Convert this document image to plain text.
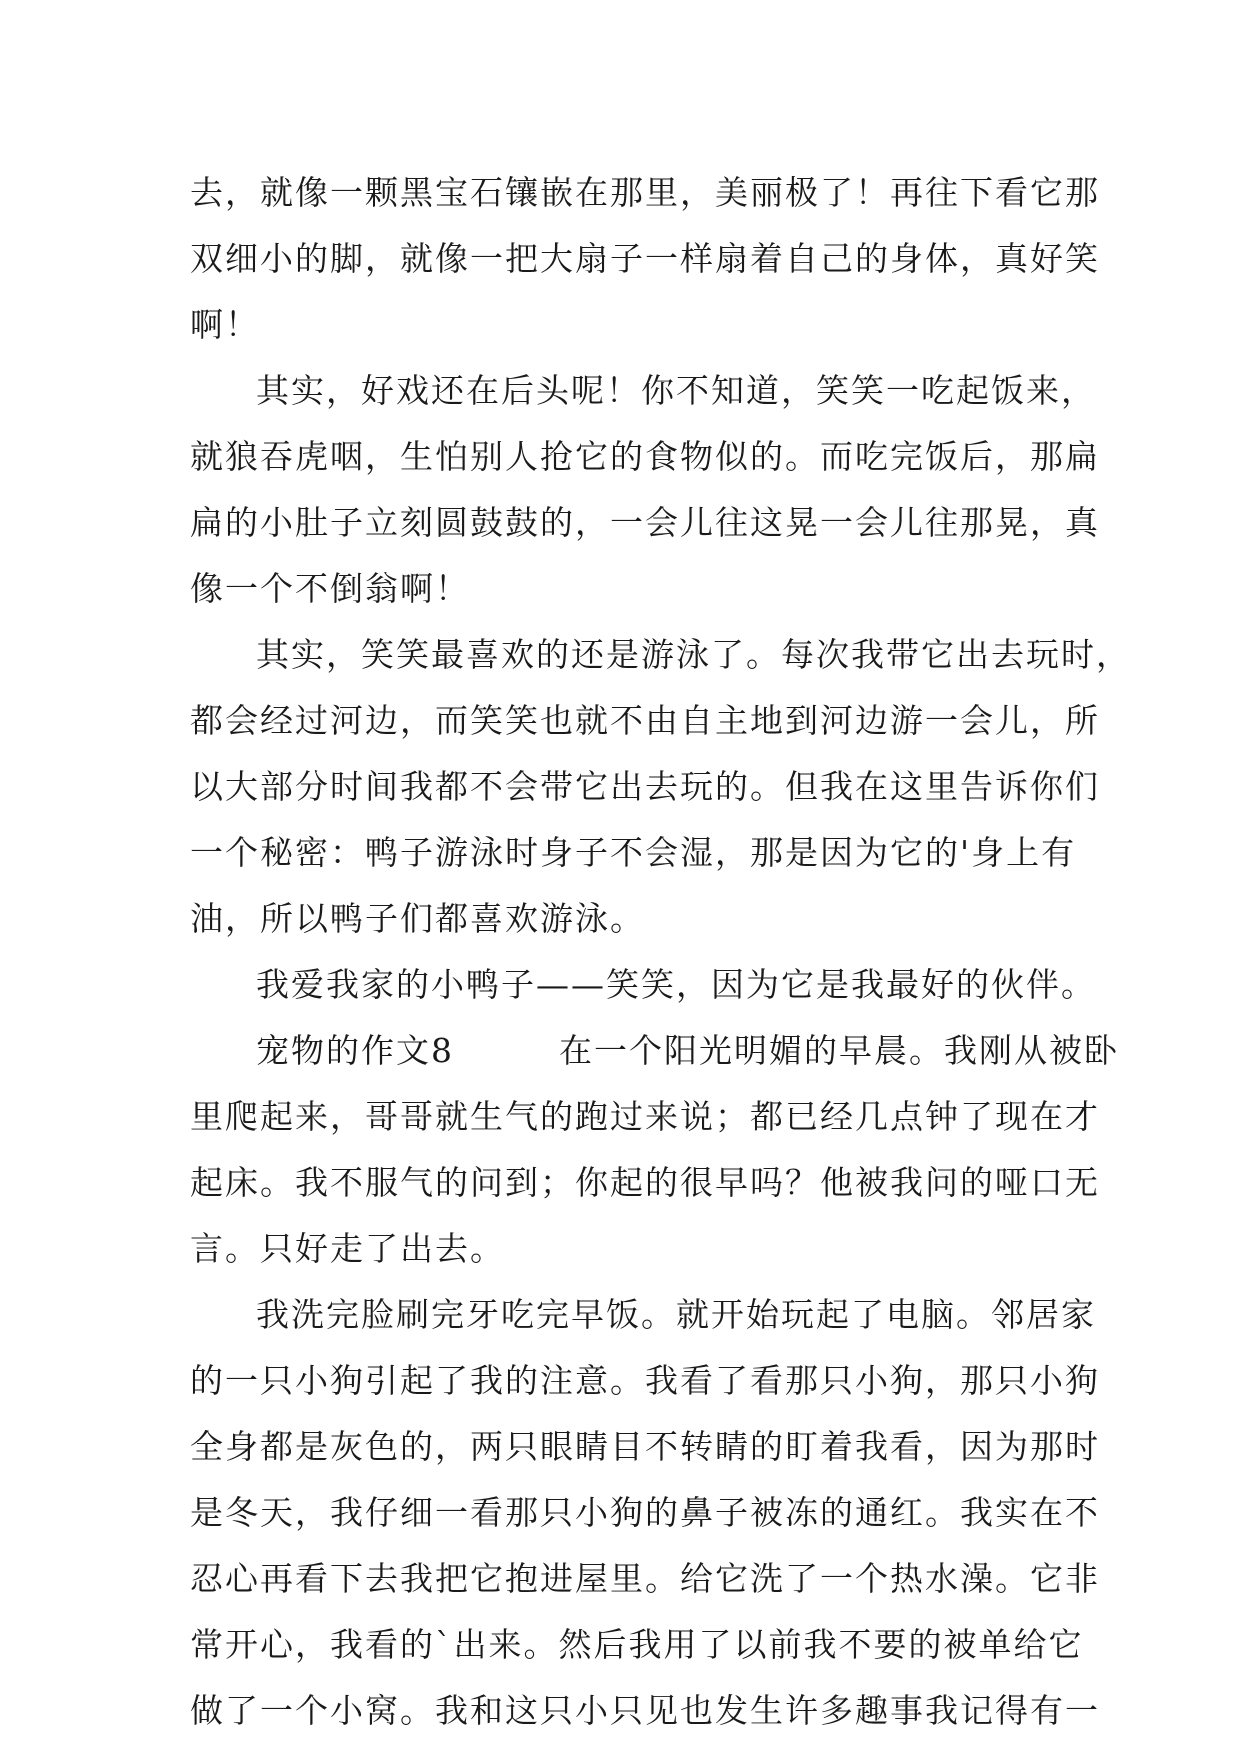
去，就像一颗黑宝石镶嵌在那里，美丽极了！再往下看它那
双细小的脚，就像一把大扇子一样扇着自己的身体，真好笑
啊！
其实，好戏还在后头呢！你不知道，笑笑一吃起饭来，
就狼吞虎咽，生怕别人抢它的食物似的。而吃完饭后，那扁
扁的小肚子立刻圆鼓鼓的，一会儿往这晃一会儿往那晃，真
像一个不倒翁啊！
其实，笑笑最喜欢的还是游泳了。每次我带它出去玩时，
都会经过河边，而笑笑也就不由自主地到河边游一会儿，所
以大部分时间我都不会带它出去玩的。但我在这里告诉你们
一个秘密：鸭子游泳时身子不会湿，那是因为它的'身上有
油，所以鸭子们都喜欢游泳。
我爱我家的小鸭子——笑笑，因为它是我最好的伙伴。
宠物的作文8　　　在一个阳光明媚的早晨。我刚从被卧
里爬起来，哥哥就生气的跑过来说；都已经几点钟了现在才
起床。我不服气的问到；你起的很早吗？他被我问的哑口无
言。只好走了出去。
我洗完脸刷完牙吃完早饭。就开始玩起了电脑。邻居家
的一只小狗引起了我的注意。我看了看那只小狗，那只小狗
全身都是灰色的，两只眼睛目不转睛的盯着我看，因为那时
是冬天，我仔细一看那只小狗的鼻子被冻的通红。我实在不
忍心再看下去我把它抱进屋里。给它洗了一个热水澡。它非
常开心，我看的`出来。然后我用了以前我不要的被单给它
做了一个小窝。我和这只小只见也发生许多趣事我记得有一
